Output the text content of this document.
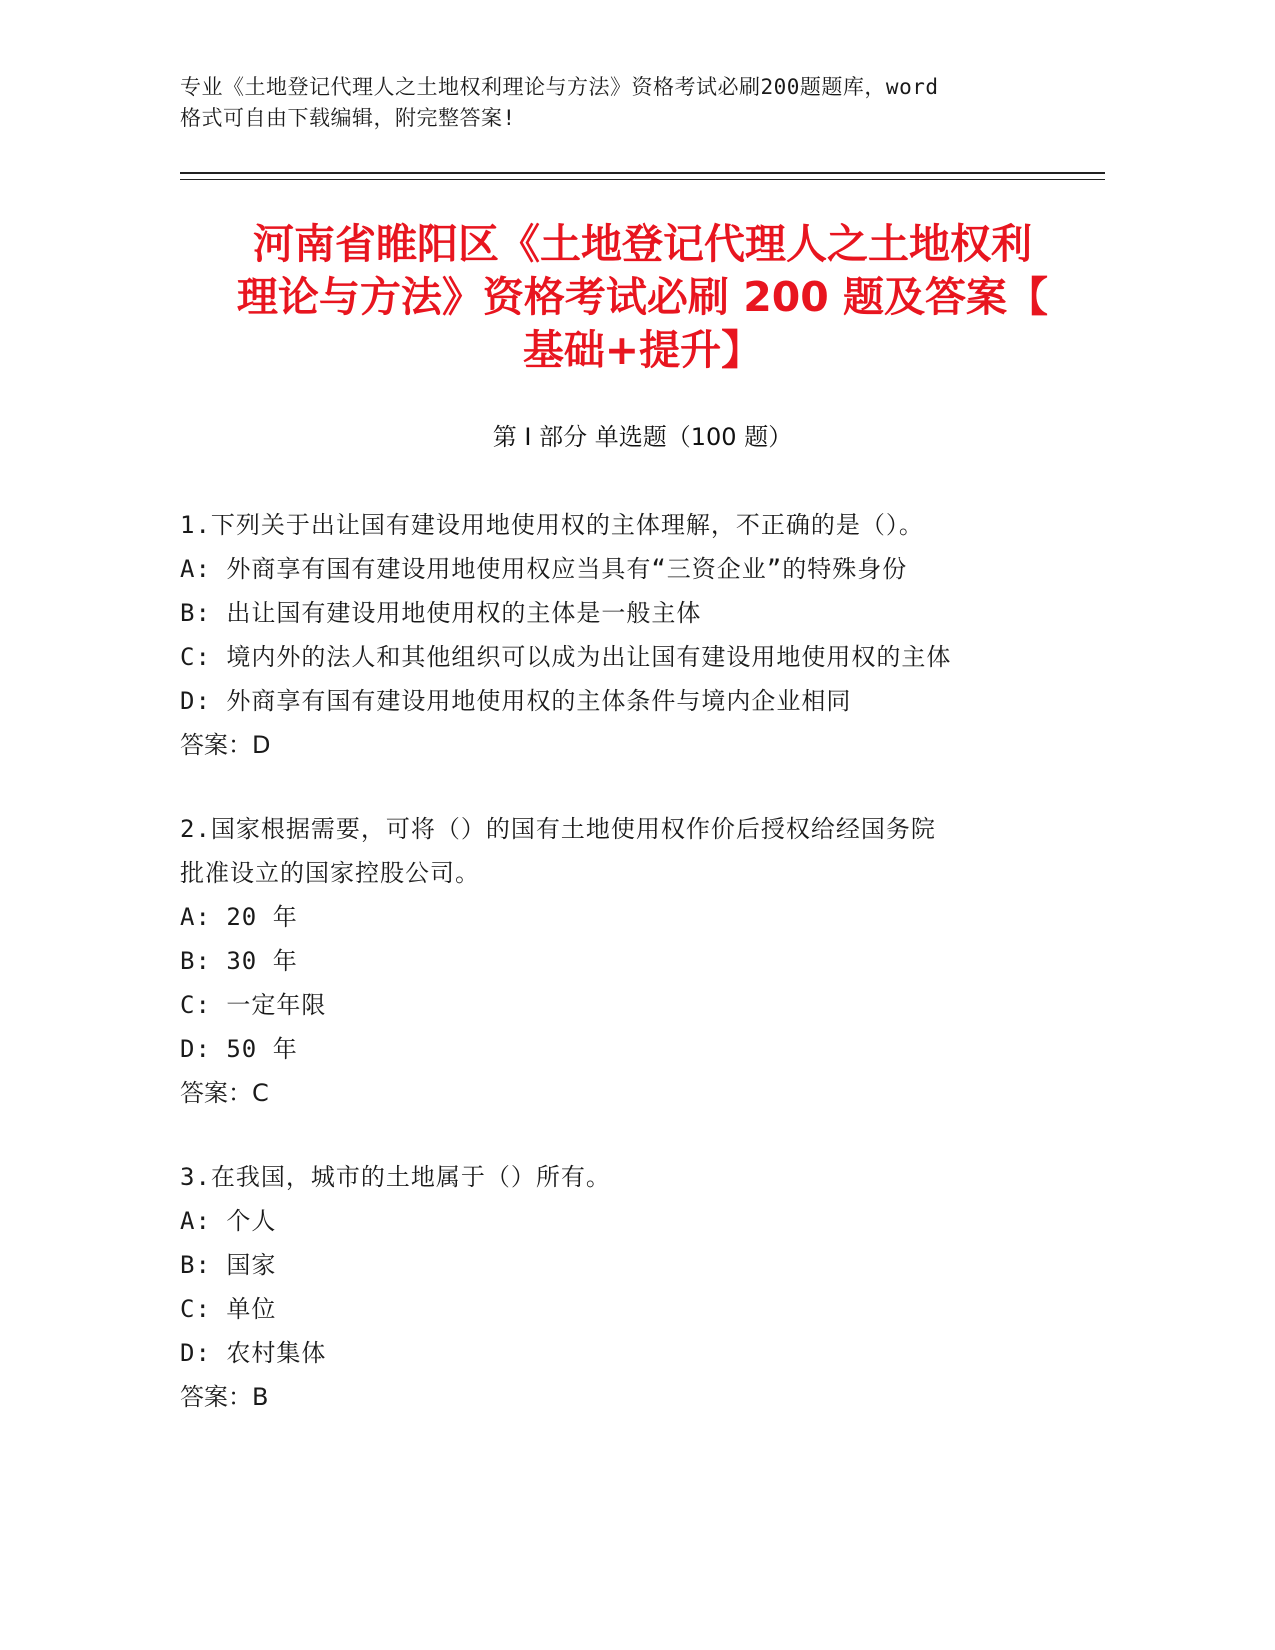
专业《土地登记代理人之土地权利理论与方法》资格考试必刷200题题库，word
格式可自由下载编辑，附完整答案!
河南省睢阳区《土地登记代理人之土地权利
理论与方法》资格考试必刷 200 题及答案【
基础+提升】
第 I 部分 单选题（100 题）
1.下列关于出让国有建设用地使用权的主体理解，不正确的是（）。
A: 外商享有国有建设用地使用权应当具有“三资企业”的特殊身份
B: 出让国有建设用地使用权的主体是一般主体
C: 境内外的法人和其他组织可以成为出让国有建设用地使用权的主体
D: 外商享有国有建设用地使用权的主体条件与境内企业相同
答案：D
2.国家根据需要，可将（）的国有土地使用权作价后授权给经国务院
批准设立的国家控股公司。
A: 20 年
B: 30 年
C: 一定年限
D: 50 年
答案：C
3.在我国，城市的土地属于（）所有。
A: 个人
B: 国家
C: 单位
D: 农村集体
答案：B
